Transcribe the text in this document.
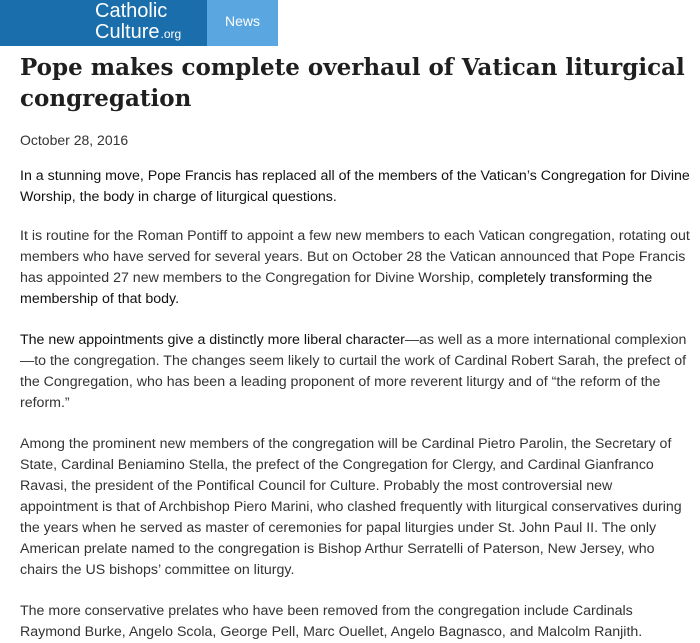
Catholic
Culture.org
News
Pope makes complete overhaul of Vatican liturgical congregation
October 28, 2016

In a stunning move, Pope Francis has replaced all of the members of the Vatican’s Congregation for Divine Worship, the body in charge of liturgical questions.

It is routine for the Roman Pontiff to appoint a few new members to each Vatican congregation, rotating out members who have served for several years. But on October 28 the Vatican announced that Pope Francis has appointed 27 new members to the Congregation for Divine Worship, completely transforming the membership of that body.

The new appointments give a distinctly more liberal character—as well as a more international complexion—to the congregation. The changes seem likely to curtail the work of Cardinal Robert Sarah, the prefect of the Congregation, who has been a leading proponent of more reverent liturgy and of “the reform of the reform.”

Among the prominent new members of the congregation will be Cardinal Pietro Parolin, the Secretary of State, Cardinal Beniamino Stella, the prefect of the Congregation for Clergy, and Cardinal Gianfranco Ravasi, the president of the Pontifical Council for Culture. Probably the most controversial new appointment is that of Archbishop Piero Marini, who clashed frequently with liturgical conservatives during the years when he served as master of ceremonies for papal liturgies under St. John Paul II. The only American prelate named to the congregation is Bishop Arthur Serratelli of Paterson, New Jersey, who chairs the US bishops’ committee on liturgy.

The more conservative prelates who have been removed from the congregation include Cardinals Raymond Burke, Angelo Scola, George Pell, Marc Ouellet, Angelo Bagnasco, and Malcolm Ranjith.
